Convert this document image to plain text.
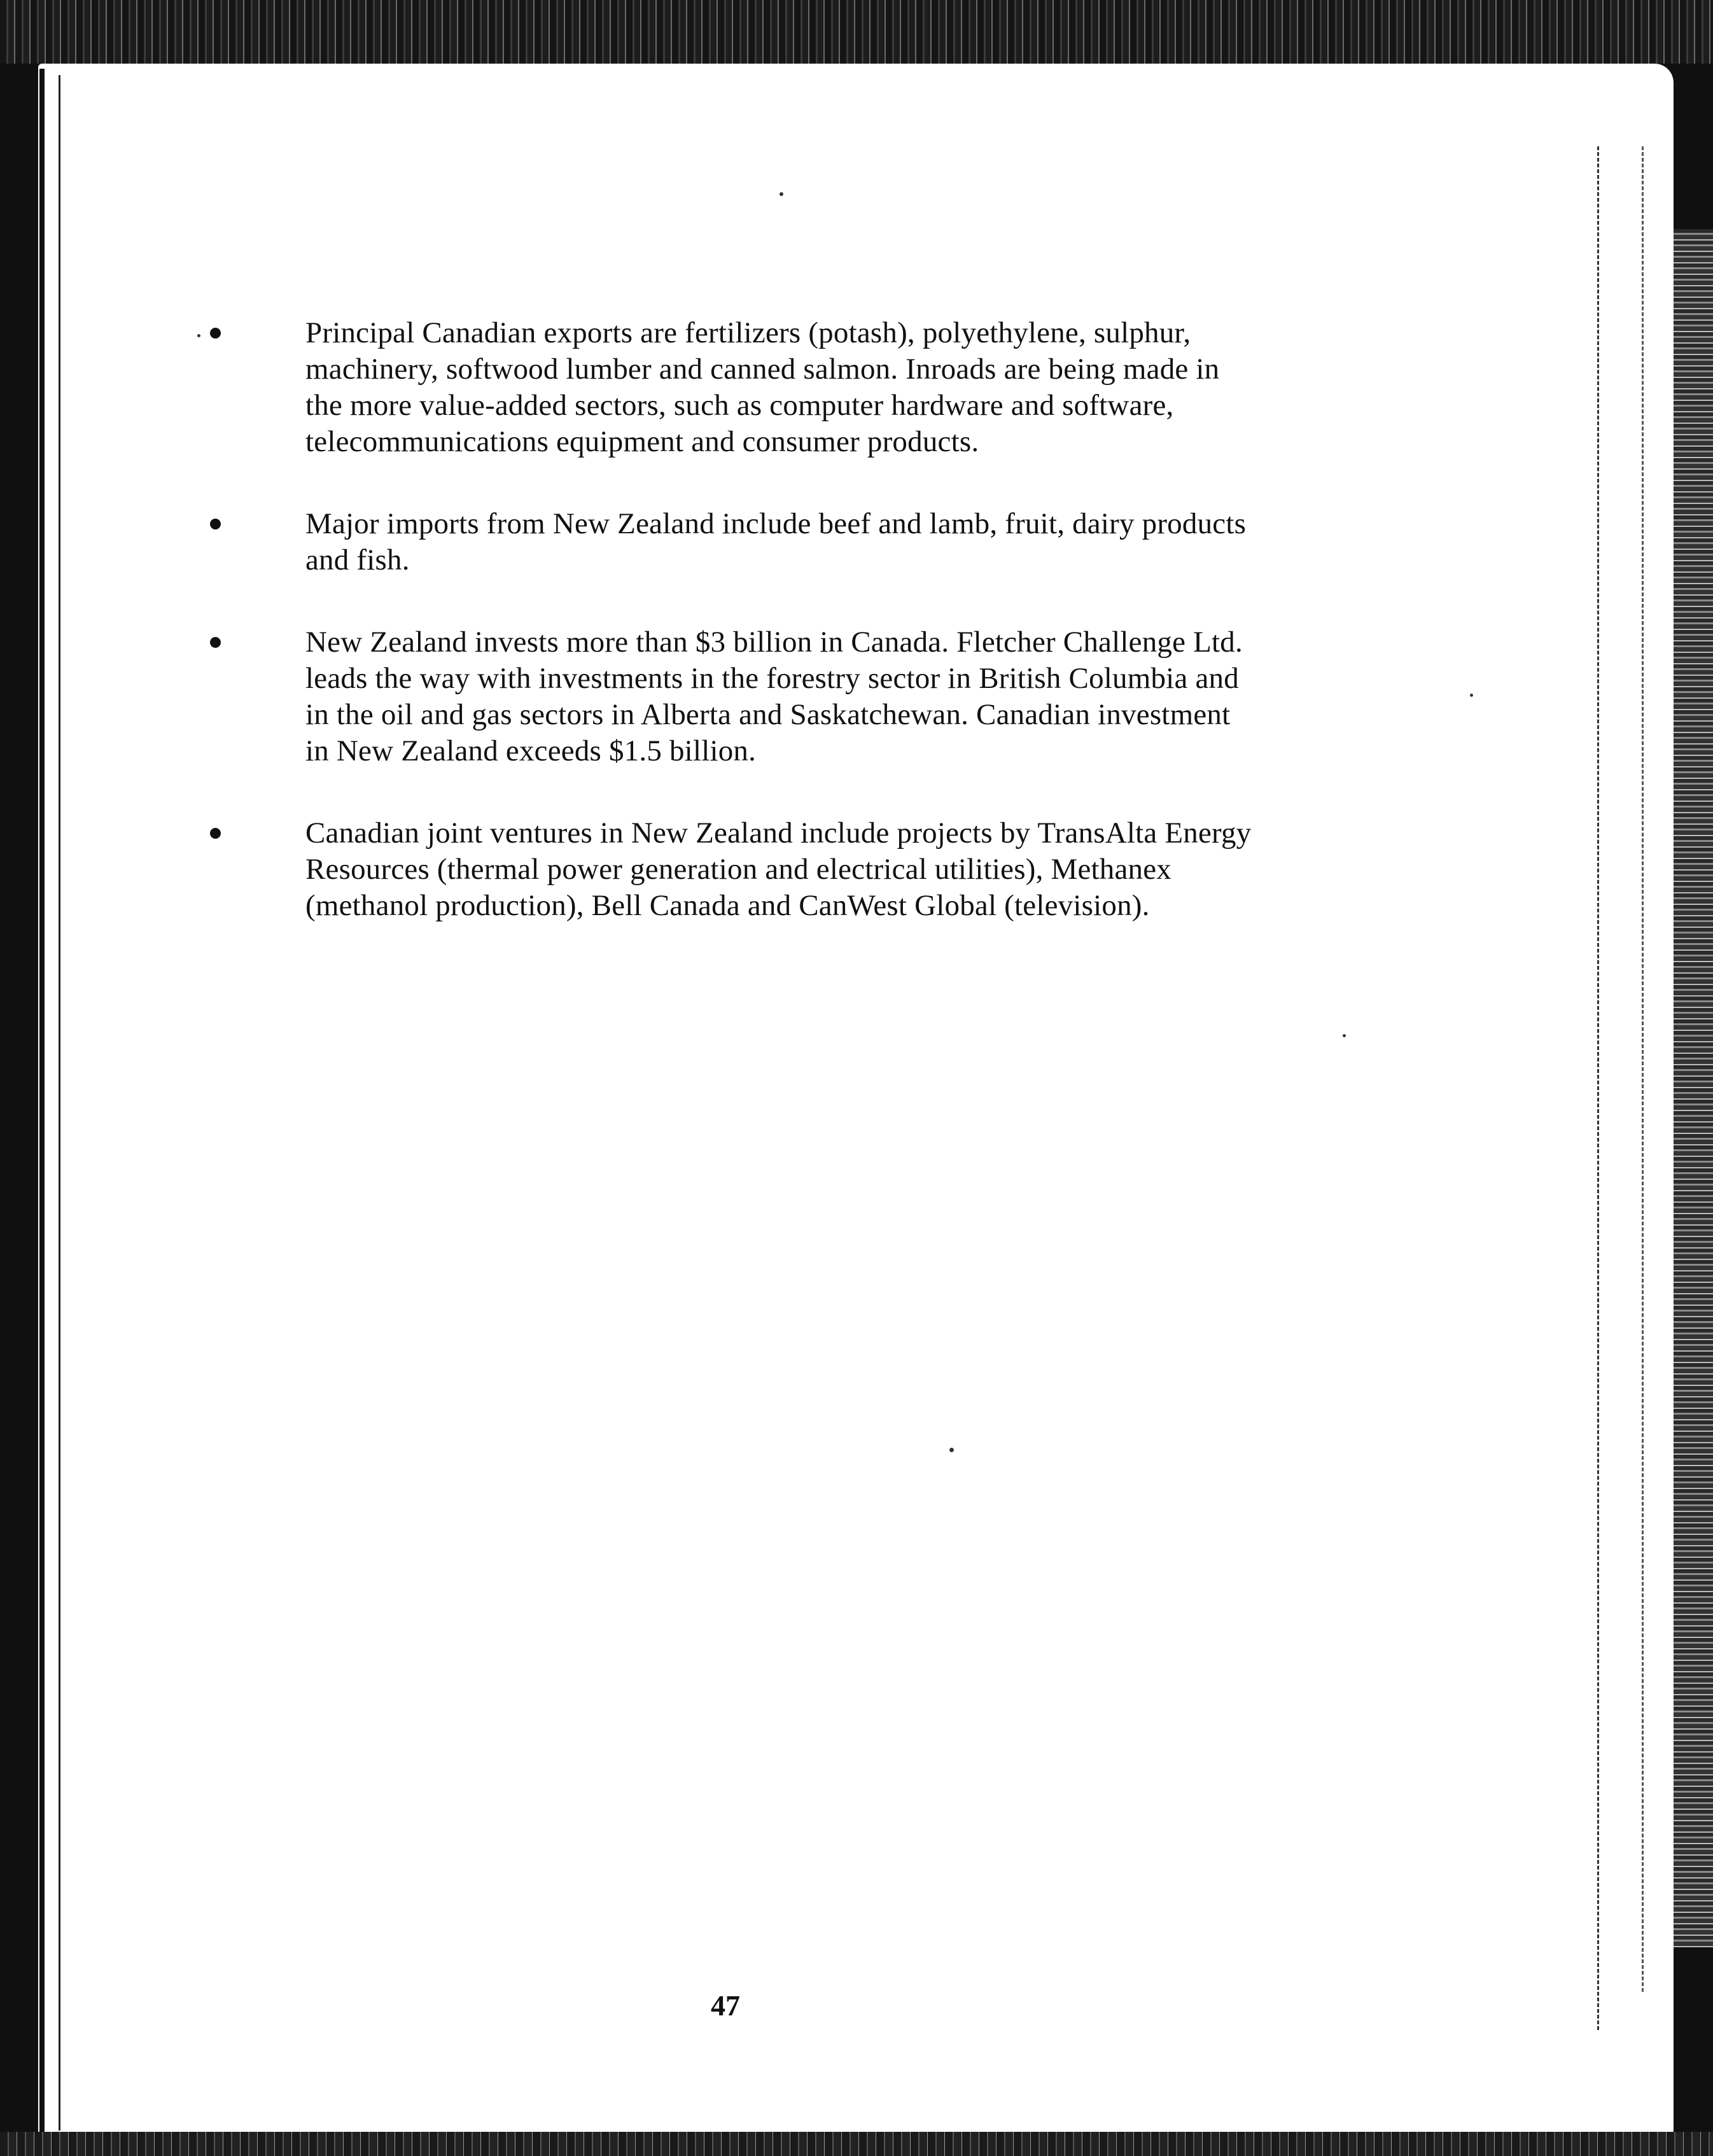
Principal Canadian exports are fertilizers (potash), polyethylene, sulphur, machinery, softwood lumber and canned salmon. Inroads are being made in the more value-added sectors, such as computer hardware and software, telecommunications equipment and consumer products.
Major imports from New Zealand include beef and lamb, fruit, dairy products and fish.
New Zealand invests more than $3 billion in Canada. Fletcher Challenge Ltd. leads the way with investments in the forestry sector in British Columbia and in the oil and gas sectors in Alberta and Saskatchewan. Canadian investment in New Zealand exceeds $1.5 billion.
Canadian joint ventures in New Zealand include projects by TransAlta Energy Resources (thermal power generation and electrical utilities), Methanex (methanol production), Bell Canada and CanWest Global (television).
47
